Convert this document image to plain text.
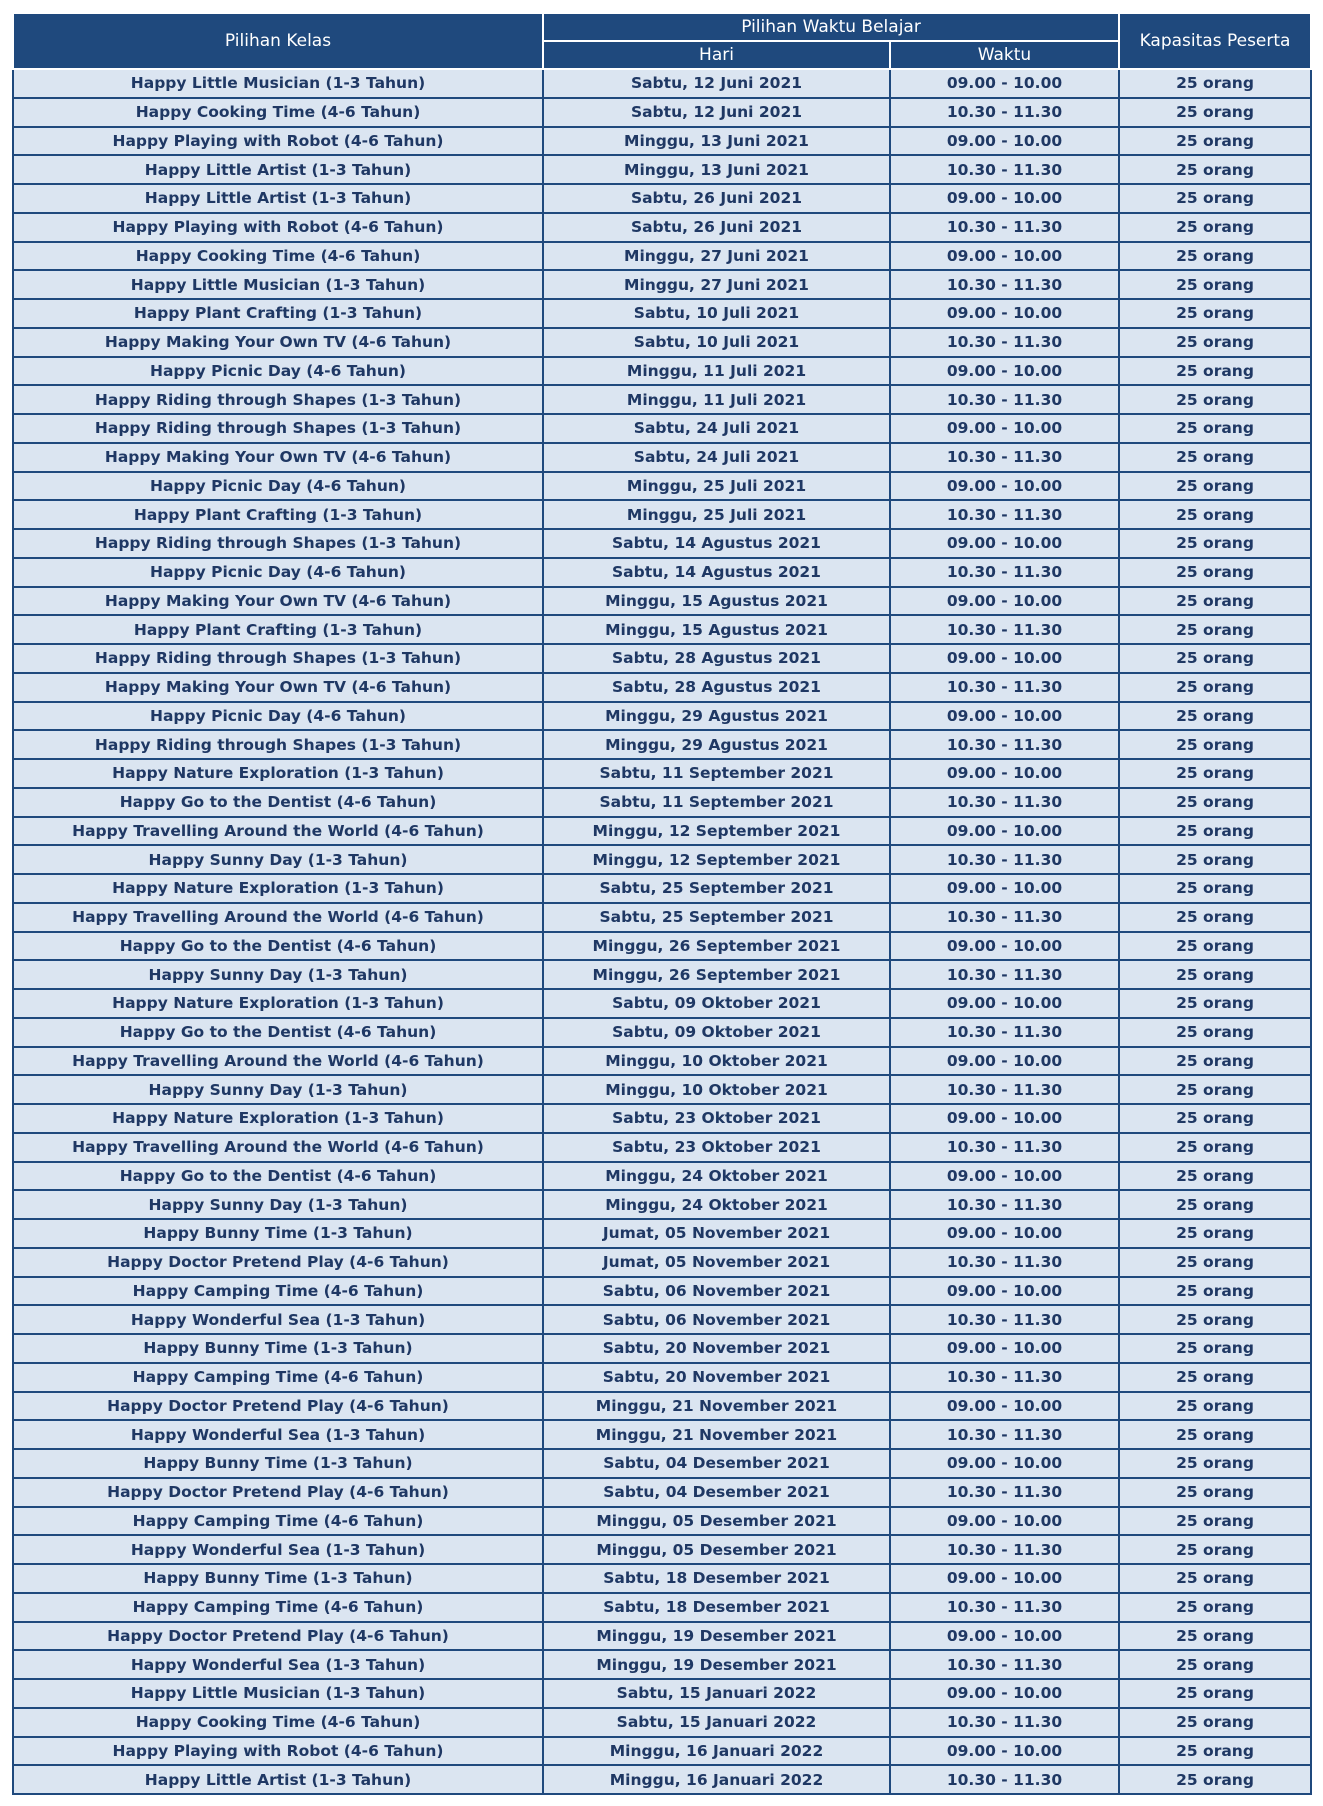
Pilihan Kelas	Pilihan Waktu Belajar		Kapasitas Peserta
	Hari	Waktu	
Happy Little Musician (1-3 Tahun)	Sabtu, 12 Juni 2021	09.00 - 10.00	25 orang
Happy Cooking Time (4-6 Tahun)	Sabtu, 12 Juni 2021	10.30 - 11.30	25 orang
Happy Playing with Robot (4-6 Tahun)	Minggu, 13 Juni 2021	09.00 - 10.00	25 orang
Happy Little Artist (1-3 Tahun)	Minggu, 13 Juni 2021	10.30 - 11.30	25 orang
Happy Little Artist (1-3 Tahun)	Sabtu, 26 Juni 2021	09.00 - 10.00	25 orang
Happy Playing with Robot (4-6 Tahun)	Sabtu, 26 Juni 2021	10.30 - 11.30	25 orang
Happy Cooking Time (4-6 Tahun)	Minggu, 27 Juni 2021	09.00 - 10.00	25 orang
Happy Little Musician (1-3 Tahun)	Minggu, 27 Juni 2021	10.30 - 11.30	25 orang
Happy Plant Crafting (1-3 Tahun)	Sabtu, 10 Juli 2021	09.00 - 10.00	25 orang
Happy Making Your Own TV (4-6 Tahun)	Sabtu, 10 Juli 2021	10.30 - 11.30	25 orang
Happy Picnic Day (4-6 Tahun)	Minggu, 11 Juli 2021	09.00 - 10.00	25 orang
Happy Riding through Shapes (1-3 Tahun)	Minggu, 11 Juli 2021	10.30 - 11.30	25 orang
Happy Riding through Shapes (1-3 Tahun)	Sabtu, 24 Juli 2021	09.00 - 10.00	25 orang
Happy Making Your Own TV (4-6 Tahun)	Sabtu, 24 Juli 2021	10.30 - 11.30	25 orang
Happy Picnic Day (4-6 Tahun)	Minggu, 25 Juli 2021	09.00 - 10.00	25 orang
Happy Plant Crafting (1-3 Tahun)	Minggu, 25 Juli 2021	10.30 - 11.30	25 orang
Happy Riding through Shapes (1-3 Tahun)	Sabtu, 14 Agustus 2021	09.00 - 10.00	25 orang
Happy Picnic Day (4-6 Tahun)	Sabtu, 14 Agustus 2021	10.30 - 11.30	25 orang
Happy Making Your Own TV (4-6 Tahun)	Minggu, 15 Agustus 2021	09.00 - 10.00	25 orang
Happy Plant Crafting (1-3 Tahun)	Minggu, 15 Agustus 2021	10.30 - 11.30	25 orang
Happy Riding through Shapes (1-3 Tahun)	Sabtu, 28 Agustus 2021	09.00 - 10.00	25 orang
Happy Making Your Own TV (4-6 Tahun)	Sabtu, 28 Agustus 2021	10.30 - 11.30	25 orang
Happy Picnic Day (4-6 Tahun)	Minggu, 29 Agustus 2021	09.00 - 10.00	25 orang
Happy Riding through Shapes (1-3 Tahun)	Minggu, 29 Agustus 2021	10.30 - 11.30	25 orang
Happy Nature Exploration (1-3 Tahun)	Sabtu, 11 September 2021	09.00 - 10.00	25 orang
Happy Go to the Dentist (4-6 Tahun)	Sabtu, 11 September 2021	10.30 - 11.30	25 orang
Happy Travelling Around the World (4-6 Tahun)	Minggu, 12 September 2021	09.00 - 10.00	25 orang
Happy Sunny Day (1-3 Tahun)	Minggu, 12 September 2021	10.30 - 11.30	25 orang
Happy Nature Exploration (1-3 Tahun)	Sabtu, 25 September 2021	09.00 - 10.00	25 orang
Happy Travelling Around the World (4-6 Tahun)	Sabtu, 25 September 2021	10.30 - 11.30	25 orang
Happy Go to the Dentist (4-6 Tahun)	Minggu, 26 September 2021	09.00 - 10.00	25 orang
Happy Sunny Day (1-3 Tahun)	Minggu, 26 September 2021	10.30 - 11.30	25 orang
Happy Nature Exploration (1-3 Tahun)	Sabtu, 09 Oktober 2021	09.00 - 10.00	25 orang
Happy Go to the Dentist (4-6 Tahun)	Sabtu, 09 Oktober 2021	10.30 - 11.30	25 orang
Happy Travelling Around the World (4-6 Tahun)	Minggu, 10 Oktober 2021	09.00 - 10.00	25 orang
Happy Sunny Day (1-3 Tahun)	Minggu, 10 Oktober 2021	10.30 - 11.30	25 orang
Happy Nature Exploration (1-3 Tahun)	Sabtu, 23 Oktober 2021	09.00 - 10.00	25 orang
Happy Travelling Around the World (4-6 Tahun)	Sabtu, 23 Oktober 2021	10.30 - 11.30	25 orang
Happy Go to the Dentist (4-6 Tahun)	Minggu, 24 Oktober 2021	09.00 - 10.00	25 orang
Happy Sunny Day (1-3 Tahun)	Minggu, 24 Oktober 2021	10.30 - 11.30	25 orang
Happy Bunny Time (1-3 Tahun)	Jumat, 05 November 2021	09.00 - 10.00	25 orang
Happy Doctor Pretend Play (4-6 Tahun)	Jumat, 05 November 2021	10.30 - 11.30	25 orang
Happy Camping Time (4-6 Tahun)	Sabtu, 06 November 2021	09.00 - 10.00	25 orang
Happy Wonderful Sea (1-3 Tahun)	Sabtu, 06 November 2021	10.30 - 11.30	25 orang
Happy Bunny Time (1-3 Tahun)	Sabtu, 20 November 2021	09.00 - 10.00	25 orang
Happy Camping Time (4-6 Tahun)	Sabtu, 20 November 2021	10.30 - 11.30	25 orang
Happy Doctor Pretend Play (4-6 Tahun)	Minggu, 21 November 2021	09.00 - 10.00	25 orang
Happy Wonderful Sea (1-3 Tahun)	Minggu, 21 November 2021	10.30 - 11.30	25 orang
Happy Bunny Time (1-3 Tahun)	Sabtu, 04 Desember 2021	09.00 - 10.00	25 orang
Happy Doctor Pretend Play (4-6 Tahun)	Sabtu, 04 Desember 2021	10.30 - 11.30	25 orang
Happy Camping Time (4-6 Tahun)	Minggu, 05 Desember 2021	09.00 - 10.00	25 orang
Happy Wonderful Sea (1-3 Tahun)	Minggu, 05 Desember 2021	10.30 - 11.30	25 orang
Happy Bunny Time (1-3 Tahun)	Sabtu, 18 Desember 2021	09.00 - 10.00	25 orang
Happy Camping Time (4-6 Tahun)	Sabtu, 18 Desember 2021	10.30 - 11.30	25 orang
Happy Doctor Pretend Play (4-6 Tahun)	Minggu, 19 Desember 2021	09.00 - 10.00	25 orang
Happy Wonderful Sea (1-3 Tahun)	Minggu, 19 Desember 2021	10.30 - 11.30	25 orang
Happy Little Musician (1-3 Tahun)	Sabtu, 15 Januari 2022	09.00 - 10.00	25 orang
Happy Cooking Time (4-6 Tahun)	Sabtu, 15 Januari 2022	10.30 - 11.30	25 orang
Happy Playing with Robot (4-6 Tahun)	Minggu, 16 Januari 2022	09.00 - 10.00	25 orang
Happy Little Artist (1-3 Tahun)	Minggu, 16 Januari 2022	10.30 - 11.30	25 orang
